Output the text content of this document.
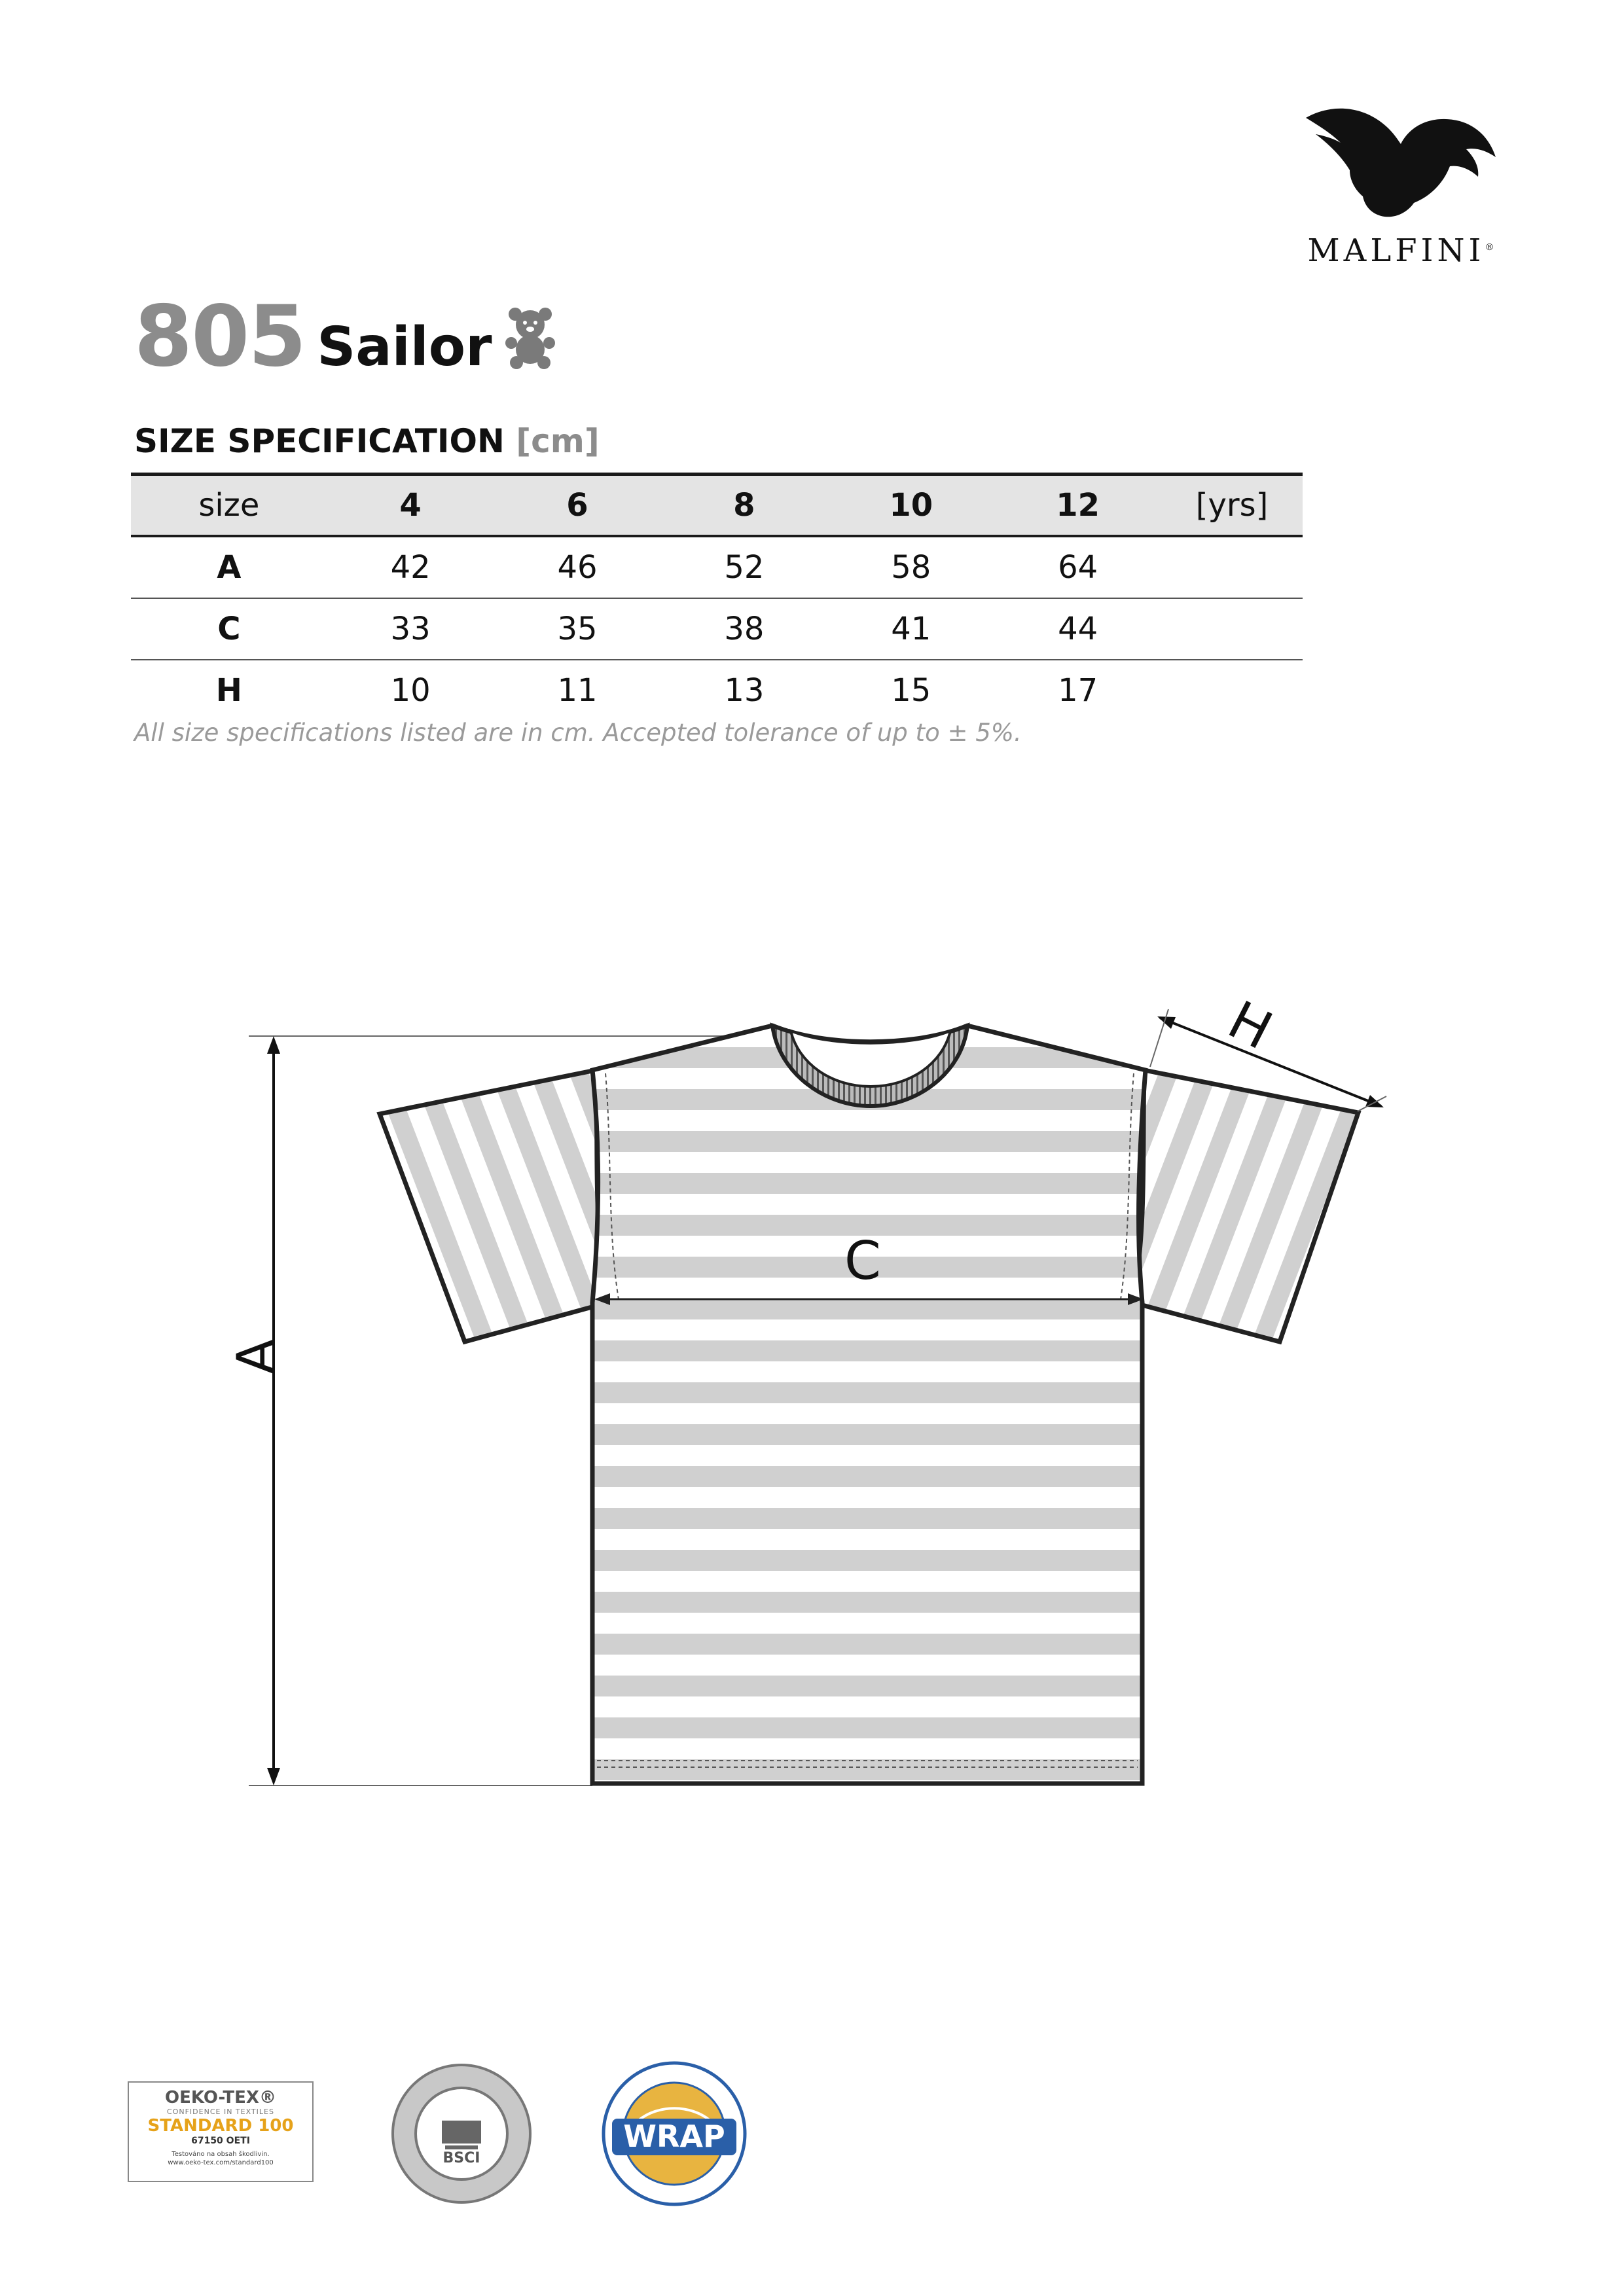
MALFINI®
805 Sailor
SIZE SPECIFICATION [cm]
size	4	6	8	10	12	[yrs]
A	42	46	52	58	64	
C	33	35	38	41	44	
H	10	11	13	15	17	
All size specifications listed are in cm. Accepted tolerance of up to ± 5%.
A
C
H
OEKO-TEX®
CONFIDENCE IN TEXTILES
STANDARD 100
67150 OETI
Testováno na obsah škodlivin.
www.oeko-tex.com/standard100	BSCI
WRAP
